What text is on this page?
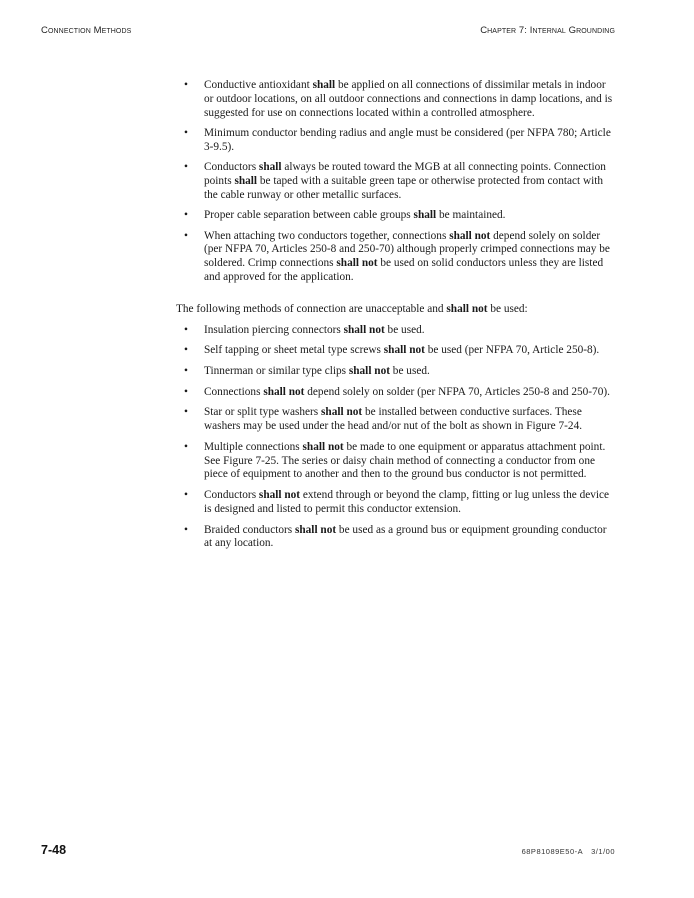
Connection Methods	Chapter 7: Internal Grounding
• Conductive antioxidant shall be applied on all connections of dissimilar metals in indoor or outdoor locations, on all outdoor connections and connections in damp locations, and is suggested for use on connections located within a controlled atmosphere.
• Minimum conductor bending radius and angle must be considered (per NFPA 780; Article 3-9.5).
• Conductors shall always be routed toward the MGB at all connecting points. Connection points shall be taped with a suitable green tape or otherwise protected from contact with the cable runway or other metallic surfaces.
• Proper cable separation between cable groups shall be maintained.
• When attaching two conductors together, connections shall not depend solely on solder (per NFPA 70, Articles 250-8 and 250-70) although properly crimped connections may be soldered. Crimp connections shall not be used on solid conductors unless they are listed and approved for the application.

The following methods of connection are unacceptable and shall not be used:

• Insulation piercing connectors shall not be used.
• Self tapping or sheet metal type screws shall not be used (per NFPA 70, Article 250-8).
• Tinnerman or similar type clips shall not be used.
• Connections shall not depend solely on solder (per NFPA 70, Articles 250-8 and 250-70).
• Star or split type washers shall not be installed between conductive surfaces. These washers may be used under the head and/or nut of the bolt as shown in Figure 7-24.
• Multiple connections shall not be made to one equipment or apparatus attachment point. See Figure 7-25. The series or daisy chain method of connecting a conductor from one piece of equipment to another and then to the ground bus conductor is not permitted.
• Conductors shall not extend through or beyond the clamp, fitting or lug unless the device is designed and listed to permit this conductor extension.
• Braided conductors shall not be used as a ground bus or equipment grounding conductor at any location.
7-48	68P81089E50-A 3/1/00
